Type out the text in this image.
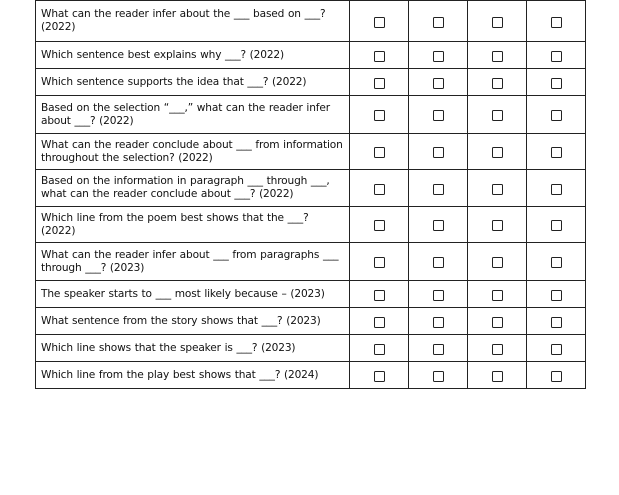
What can the reader infer about the ___ based on ___? (2022)				
Which sentence best explains why ___? (2022)				
Which sentence supports the idea that ___? (2022)				
Based on the selection “___,” what can the reader infer about ___? (2022)				
What can the reader conclude about ___ from information throughout the selection? (2022)				
Based on the information in paragraph ___ through ___, what can the reader conclude about ___? (2022)				
Which line from the poem best shows that the ___? (2022)				
What can the reader infer about ___ from paragraphs ___ through ___? (2023)				
The speaker starts to ___ most likely because – (2023)				
What sentence from the story shows that ___? (2023)				
Which line shows that the speaker is ___? (2023)				
Which line from the play best shows that ___? (2024)				
